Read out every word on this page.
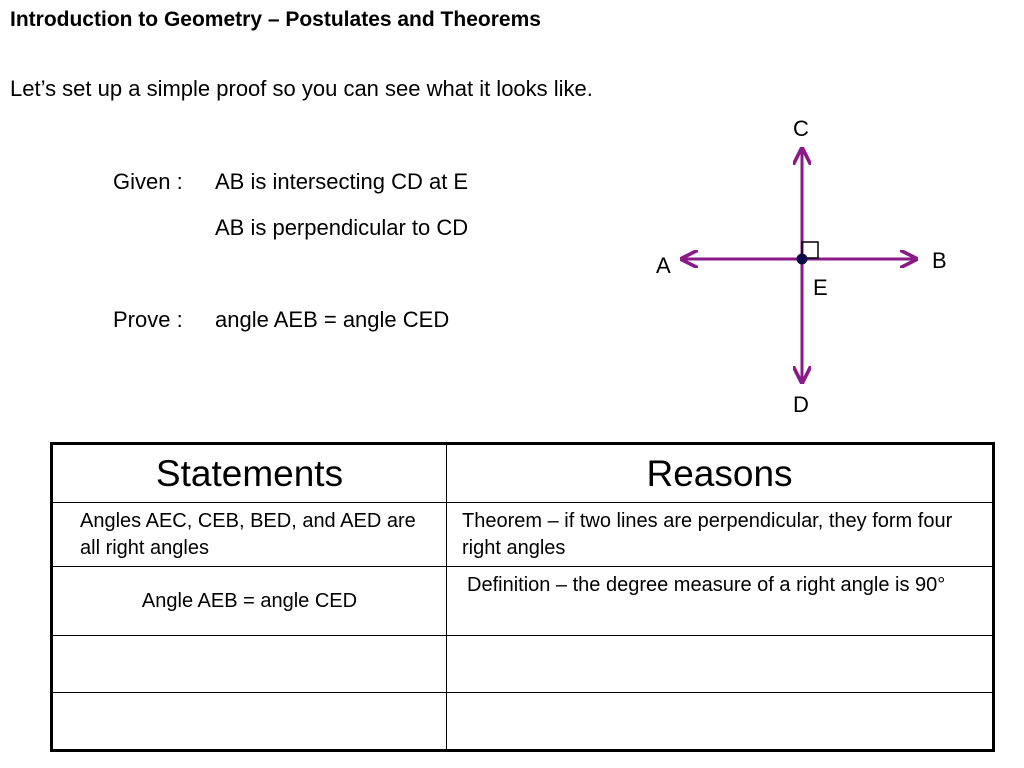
Introduction to Geometry – Postulates and Theorems
Let’s set up a simple proof so you can see what it looks like.
Given : AB is intersecting CD at E
AB is perpendicular to CD
Prove : angle AEB = angle CED
C
A	B
E
D
Statements	Reasons
Angles AEC, CEB, BED, and AED are all right angles	Theorem – if two lines are perpendicular, they form four right angles
Angle AEB = angle CED	Definition – the degree measure of a right angle is 90°
